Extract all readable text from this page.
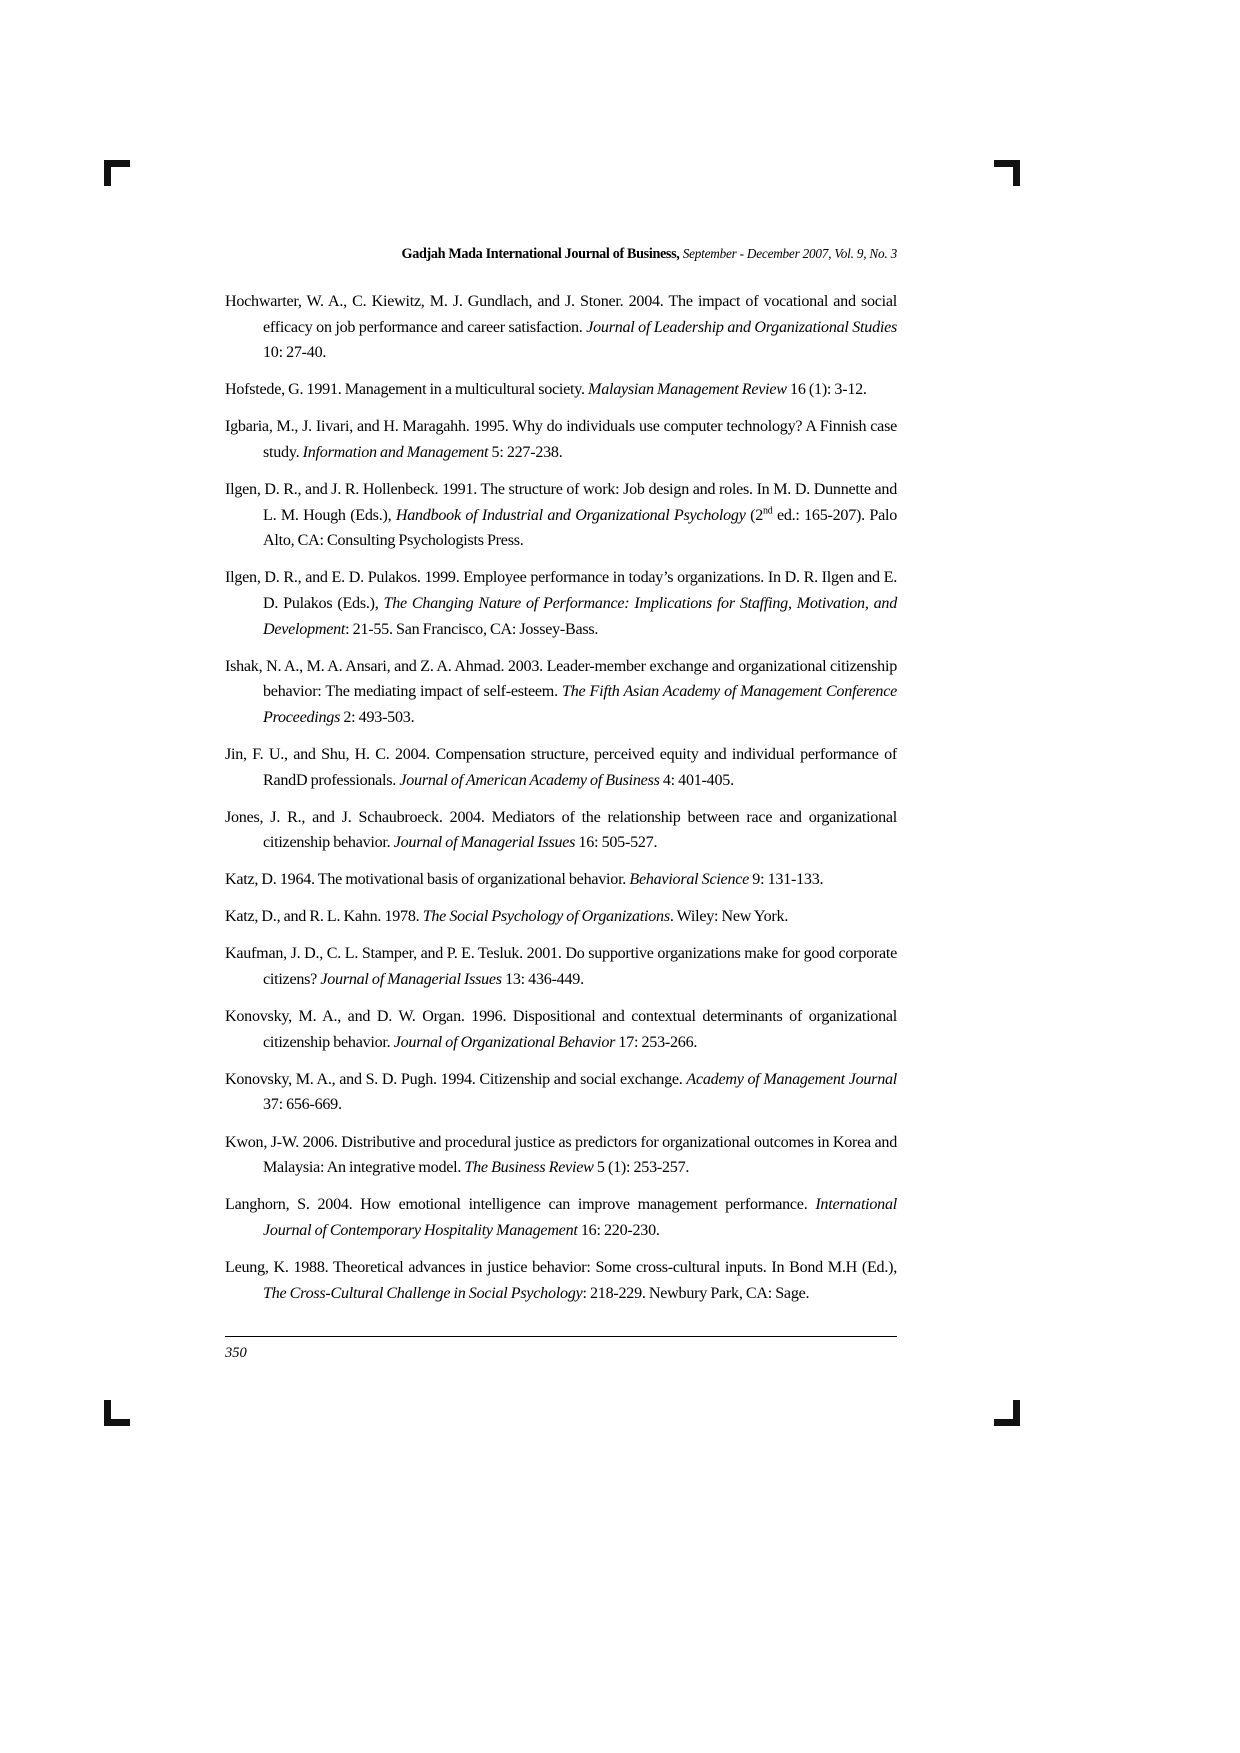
Gadjah Mada International Journal of Business, September - December 2007, Vol. 9, No. 3
Hochwarter, W. A., C. Kiewitz, M. J. Gundlach, and J. Stoner. 2004. The impact of vocational and social efficacy on job performance and career satisfaction. Journal of Leadership and Organizational Studies 10: 27-40.
Hofstede, G. 1991. Management in a multicultural society. Malaysian Management Review 16 (1): 3-12.
Igbaria, M., J. Iivari, and H. Maragahh. 1995. Why do individuals use computer technology? A Finnish case study. Information and Management 5: 227-238.
Ilgen, D. R., and J. R. Hollenbeck. 1991. The structure of work: Job design and roles. In M. D. Dunnette and L. M. Hough (Eds.), Handbook of Industrial and Organizational Psychology (2nd ed.: 165-207). Palo Alto, CA: Consulting Psychologists Press.
Ilgen, D. R., and E. D. Pulakos. 1999. Employee performance in today’s organizations. In D. R. Ilgen and E. D. Pulakos (Eds.), The Changing Nature of Performance: Implications for Staffing, Motivation, and Development: 21-55. San Francisco, CA: Jossey-Bass.
Ishak, N. A., M. A. Ansari, and Z. A. Ahmad. 2003. Leader-member exchange and organizational citizenship behavior: The mediating impact of self-esteem. The Fifth Asian Academy of Management Conference Proceedings 2: 493-503.
Jin, F. U., and Shu, H. C. 2004. Compensation structure, perceived equity and individual performance of RandD professionals. Journal of American Academy of Business 4: 401-405.
Jones, J. R., and J. Schaubroeck. 2004. Mediators of the relationship between race and organizational citizenship behavior. Journal of Managerial Issues 16: 505-527.
Katz, D. 1964. The motivational basis of organizational behavior. Behavioral Science 9: 131-133.
Katz, D., and R. L. Kahn. 1978. The Social Psychology of Organizations. Wiley: New York.
Kaufman, J. D., C. L. Stamper, and P. E. Tesluk. 2001. Do supportive organizations make for good corporate citizens? Journal of Managerial Issues 13: 436-449.
Konovsky, M. A., and D. W. Organ. 1996. Dispositional and contextual determinants of organizational citizenship behavior. Journal of Organizational Behavior 17: 253-266.
Konovsky, M. A., and S. D. Pugh. 1994. Citizenship and social exchange. Academy of Management Journal 37: 656-669.
Kwon, J-W. 2006. Distributive and procedural justice as predictors for organizational outcomes in Korea and Malaysia: An integrative model. The Business Review 5 (1): 253-257.
Langhorn, S. 2004. How emotional intelligence can improve management performance. International Journal of Contemporary Hospitality Management 16: 220-230.
Leung, K. 1988. Theoretical advances in justice behavior: Some cross-cultural inputs. In Bond M.H (Ed.), The Cross-Cultural Challenge in Social Psychology: 218-229. Newbury Park, CA: Sage.
350
